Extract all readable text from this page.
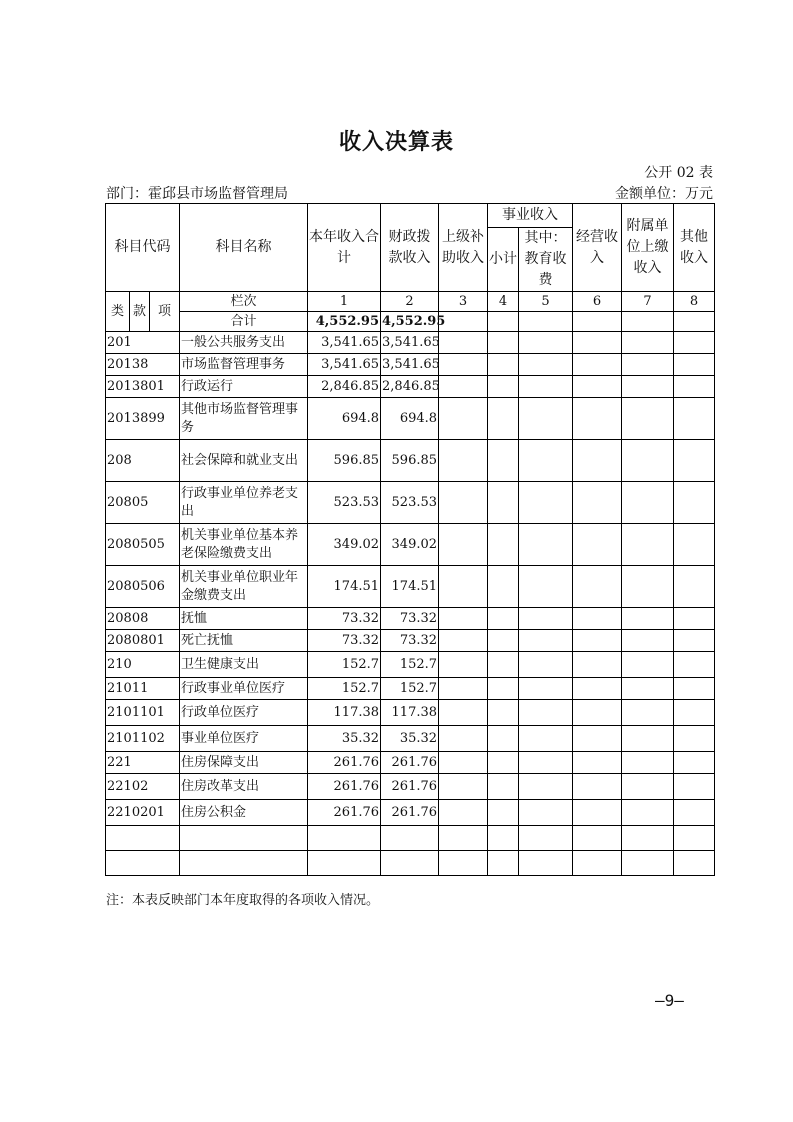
收入决算表
公开 02 表
部门：霍邱县市场监督管理局	金额单位：万元
科目代码			科目名称	本年收入合计	财政拨款收入	上级补助收入	事业收入		经营收入	附属单位上缴收入	其他收入
							小计	其中：教育收费			

类	款	项	栏次	1	2	3	4	5	6	7	8
			合计	4,552.95	4,552.95						
201			一般公共服务支出	3,541.65	3,541.65						
20138			市场监督管理事务	3,541.65	3,541.65						
2013801			行政运行	2,846.85	2,846.85						
2013899			其他市场监督管理事务	694.8	694.8						
208			社会保障和就业支出	596.85	596.85						
20805			行政事业单位养老支出	523.53	523.53						
2080505			机关事业单位基本养老保险缴费支出	349.02	349.02						
2080506			机关事业单位职业年金缴费支出	174.51	174.51						
20808			抚恤	73.32	73.32						
2080801			死亡抚恤	73.32	73.32						
210			卫生健康支出	152.7	152.7						
21011			行政事业单位医疗	152.7	152.7						
2101101			行政单位医疗	117.38	117.38						
2101102			事业单位医疗	35.32	35.32						
221			住房保障支出	261.76	261.76						
22102			住房改革支出	261.76	261.76						
2210201			住房公积金	261.76	261.76						

注：本表反映部门本年度取得的各项收入情况。
—9—
